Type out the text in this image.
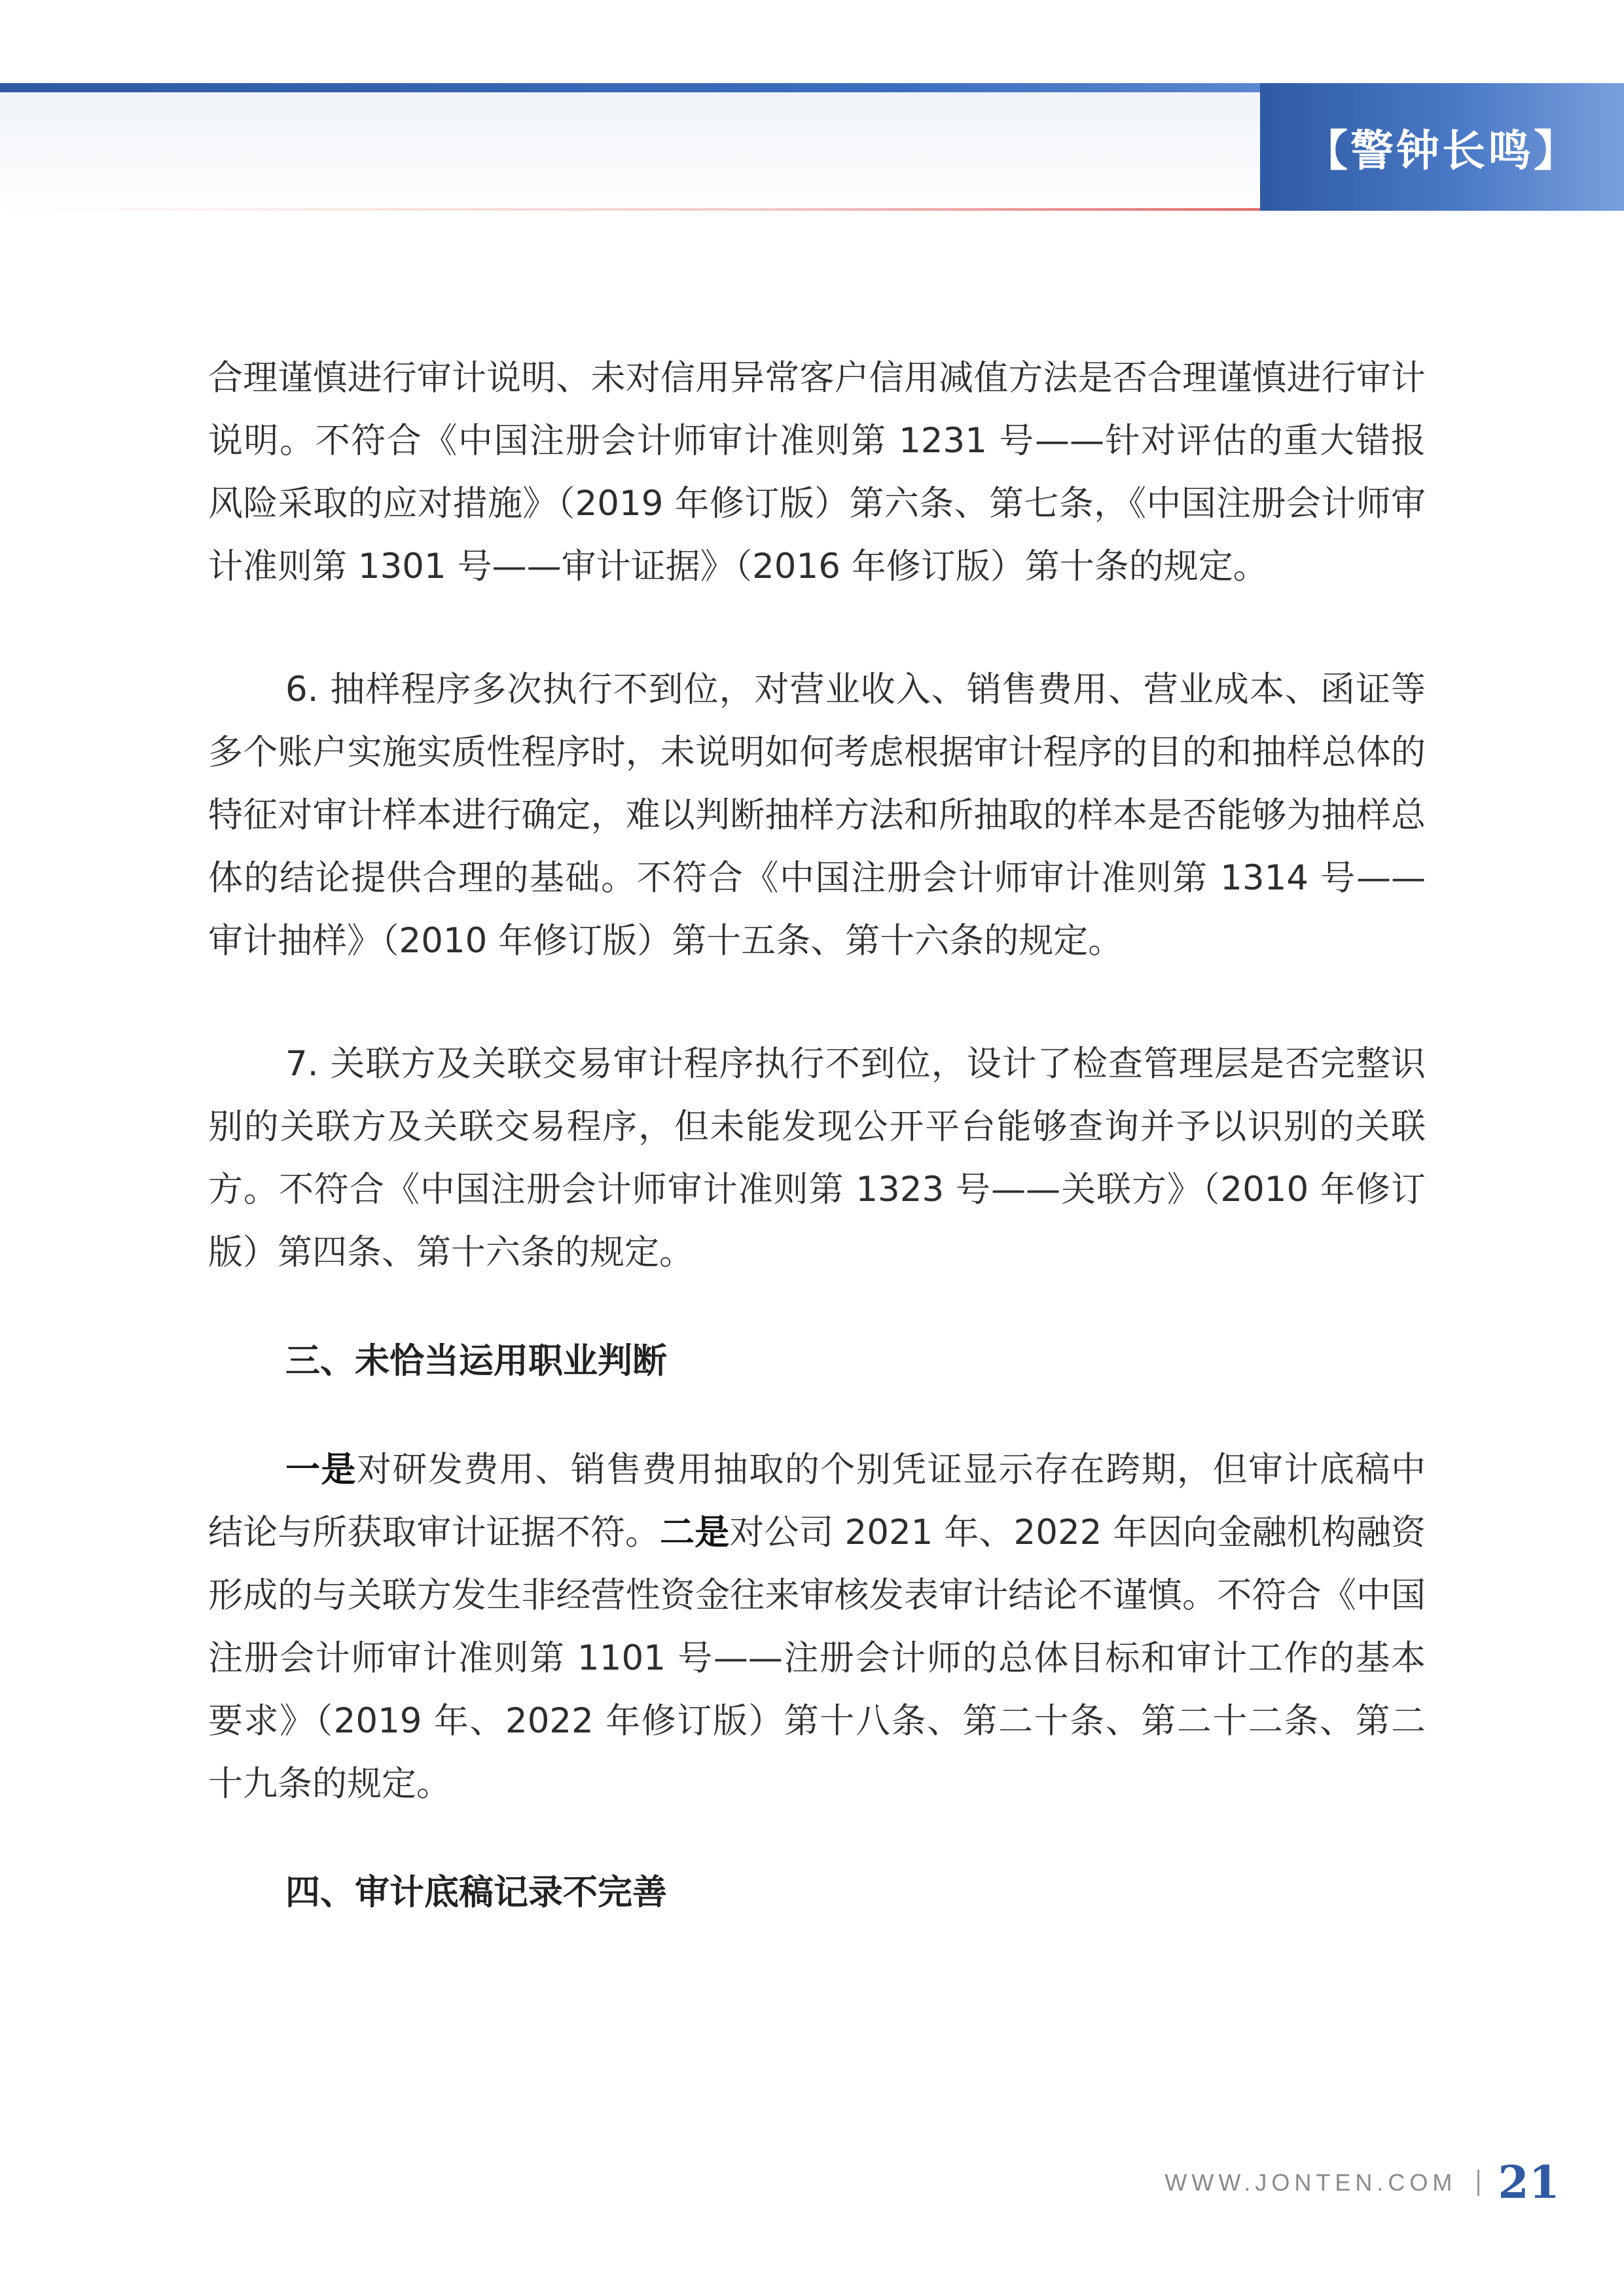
【警钟长鸣】

合理谨慎进行审计说明、未对信用异常客户信用减值方法是否合理谨慎进行审计说明。不符合《中国注册会计师审计准则第 1231 号——针对评估的重大错报风险采取的应对措施》（2019 年修订版）第六条、第七条，《中国注册会计师审计准则第 1301 号——审计证据》（2016 年修订版）第十条的规定。

6. 抽样程序多次执行不到位，对营业收入、销售费用、营业成本、函证等多个账户实施实质性程序时，未说明如何考虑根据审计程序的目的和抽样总体的特征对审计样本进行确定，难以判断抽样方法和所抽取的样本是否能够为抽样总体的结论提供合理的基础。不符合《中国注册会计师审计准则第 1314 号——审计抽样》（2010 年修订版）第十五条、第十六条的规定。

7. 关联方及关联交易审计程序执行不到位，设计了检查管理层是否完整识别的关联方及关联交易程序，但未能发现公开平台能够查询并予以识别的关联方。不符合《中国注册会计师审计准则第 1323 号——关联方》（2010 年修订版）第四条、第十六条的规定。

三、未恰当运用职业判断

一是对研发费用、销售费用抽取的个别凭证显示存在跨期，但审计底稿中结论与所获取审计证据不符。二是对公司 2021 年、2022 年因向金融机构融资形成的与关联方发生非经营性资金往来审核发表审计结论不谨慎。不符合《中国注册会计师审计准则第 1101 号——注册会计师的总体目标和审计工作的基本要求》（2019 年、2022 年修订版）第十八条、第二十条、第二十二条、第二十九条的规定。

四、审计底稿记录不完善
WWW.JONTEN.COM 21
